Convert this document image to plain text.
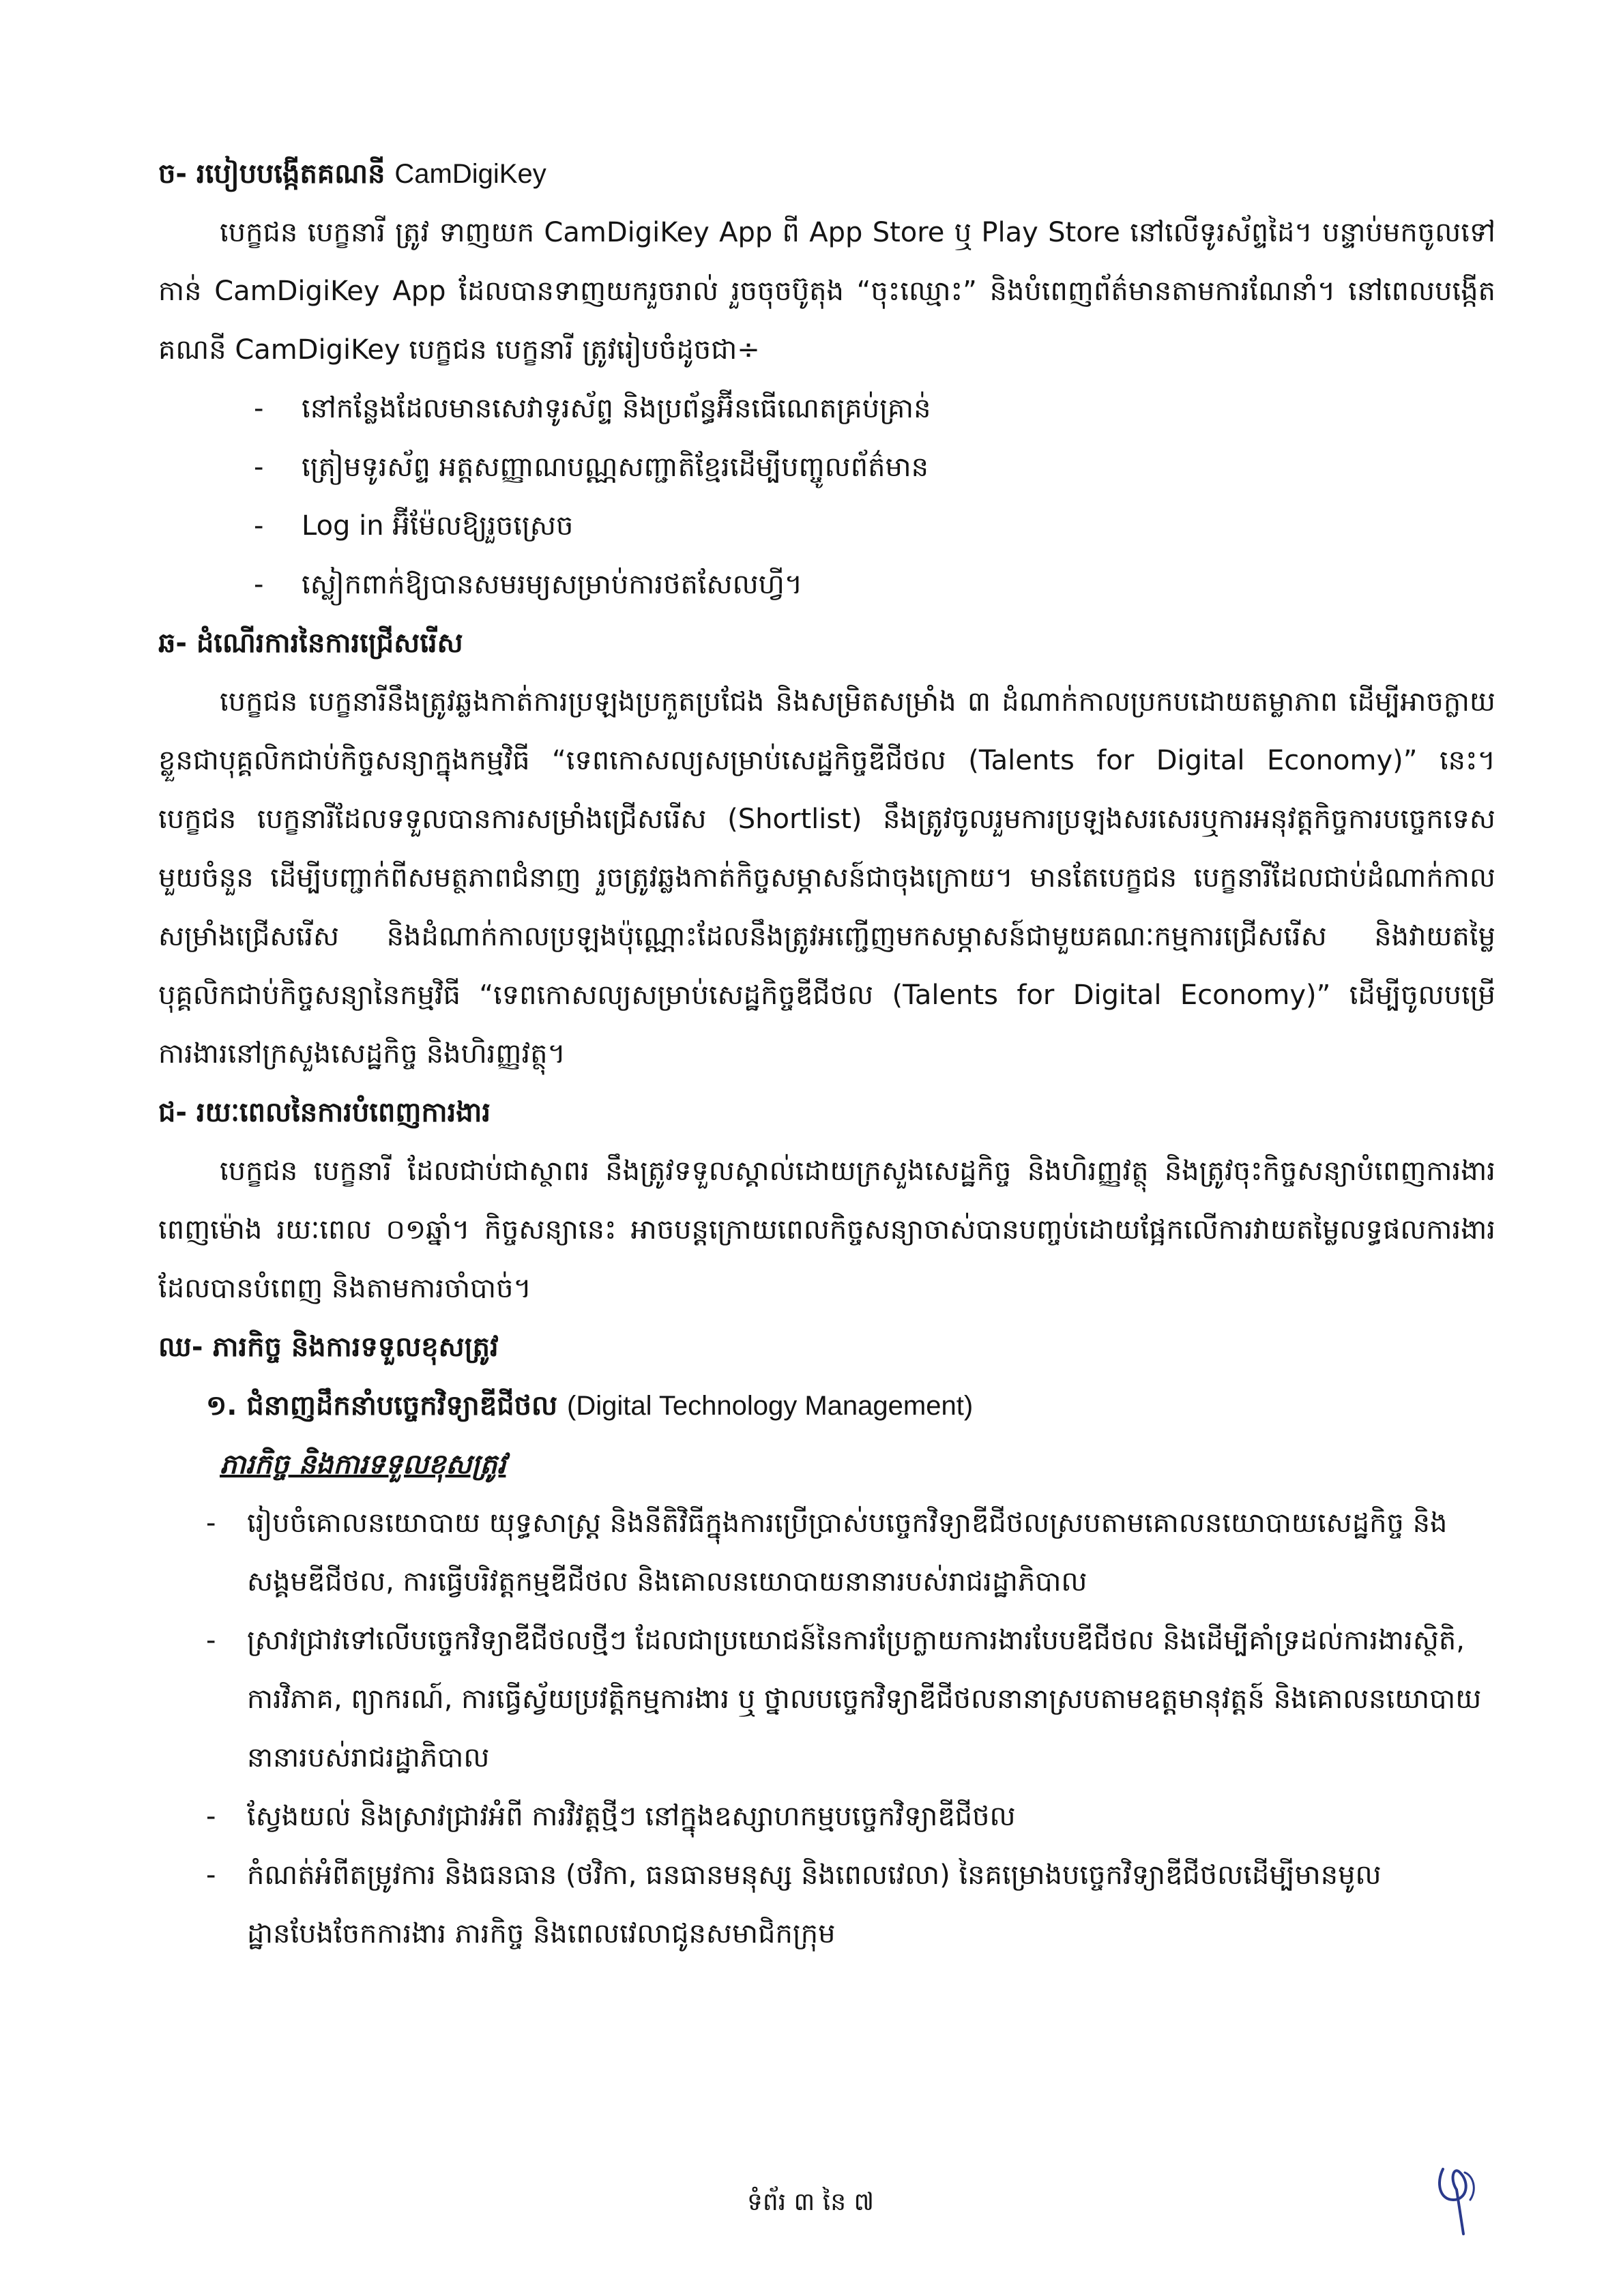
ច- របៀបបង្កើតគណនី CamDigiKey

បេក្ខជន បេក្ខនារី ត្រូវ ទាញយក CamDigiKey App ពី App Store ឬ Play Store នៅលើទូរស័ព្ទដៃ។ បន្ទាប់មកចូលទៅកាន់ CamDigiKey App ដែលបានទាញយករួចរាល់ រួចចុចប៊ូតុង “ចុះឈ្មោះ” និងបំពេញព័ត៌មានតាមការណែនាំ។ នៅពេលបង្កើតគណនី CamDigiKey បេក្ខជន បេក្ខនារី ត្រូវរៀបចំដូចជា÷

- នៅកន្លែងដែលមានសេវាទូរស័ព្ទ និងប្រព័ន្ធអ៊ីនធើណេតគ្រប់គ្រាន់
- ត្រៀមទូរស័ព្ទ អត្តសញ្ញាណបណ្ណសញ្ជាតិខ្មែរដើម្បីបញ្ចូលព័ត៌មាន
- Log in អ៊ីម៉ែលឱ្យរួចស្រេច
- ស្លៀកពាក់ឱ្យបានសមរម្យសម្រាប់ការថតសែលហ្វី។

ឆ- ដំណើរការនៃការជ្រើសរើស

បេក្ខជន បេក្ខនារីនឹងត្រូវឆ្លងកាត់ការប្រឡងប្រកួតប្រជែង និងសម្រិតសម្រាំង ៣ ដំណាក់កាលប្រកបដោយតម្លាភាព ដើម្បីអាចក្លាយខ្លួនជាបុគ្គលិកជាប់កិច្ចសន្យាក្នុងកម្មវិធី “ទេពកោសល្យសម្រាប់សេដ្ឋកិច្ចឌីជីថល (Talents for Digital Economy)” នេះ។ បេក្ខជន បេក្ខនារីដែលទទួលបានការសម្រាំងជ្រើសរើស (Shortlist) នឹងត្រូវចូលរួមការប្រឡងសរសេរឬការអនុវត្តកិច្ចការបច្ចេកទេសមួយចំនួន ដើម្បីបញ្ជាក់ពីសមត្ថភាពជំនាញ រួចត្រូវឆ្លងកាត់កិច្ចសម្ភាសន៍ជាចុងក្រោយ។ មានតែបេក្ខជន បេក្ខនារីដែលជាប់ដំណាក់កាលសម្រាំងជ្រើសរើស និងដំណាក់កាលប្រឡងប៉ុណ្ណោះដែលនឹងត្រូវអញ្ជើញមកសម្ភាសន៍ជាមួយគណៈកម្មការជ្រើសរើស និងវាយតម្លៃបុគ្គលិកជាប់កិច្ចសន្យានៃកម្មវិធី “ទេពកោសល្យសម្រាប់សេដ្ឋកិច្ចឌីជីថល (Talents for Digital Economy)” ដើម្បីចូលបម្រើការងារនៅក្រសួងសេដ្ឋកិច្ច និងហិរញ្ញវត្ថុ។

ជ- រយៈពេលនៃការបំពេញការងារ

បេក្ខជន បេក្ខនារី ដែលជាប់ជាស្ថាពរ នឹងត្រូវទទួលស្គាល់ដោយក្រសួងសេដ្ឋកិច្ច និងហិរញ្ញវត្ថុ និងត្រូវចុះកិច្ចសន្យាបំពេញការងារពេញម៉ោង រយៈពេល ០១ឆ្នាំ។ កិច្ចសន្យានេះ អាចបន្តក្រោយពេលកិច្ចសន្យាចាស់បានបញ្ចប់ដោយផ្អែកលើការវាយតម្លៃលទ្ធផលការងារដែលបានបំពេញ និងតាមការចាំបាច់។

ឈ- ភារកិច្ច និងការទទួលខុសត្រូវ

១. ជំនាញដឹកនាំបច្ចេកវិទ្យាឌីជីថល (Digital Technology Management)
ភារកិច្ច និងការទទួលខុសត្រូវ
- រៀបចំគោលនយោបាយ យុទ្ធសាស្ត្រ និងនីតិវិធីក្នុងការប្រើប្រាស់បច្ចេកវិទ្យាឌីជីថលស្របតាមគោលនយោបាយសេដ្ឋកិច្ច និងសង្គមឌីជីថល, ការធ្វើបរិវត្តកម្មឌីជីថល និងគោលនយោបាយនានារបស់រាជរដ្ឋាភិបាល
- ស្រាវជ្រាវទៅលើបច្ចេកវិទ្យាឌីជីថលថ្មីៗ ដែលជាប្រយោជន៍នៃការប្រែក្លាយការងារបែបឌីជីថល និងដើម្បីគាំទ្រដល់ការងារស្ថិតិ, ការវិភាគ, ព្យាករណ៍, ការធ្វើស្វ័យប្រវត្តិកម្មការងារ ឬ ថ្នាលបច្ចេកវិទ្យាឌីជីថលនានាស្របតាមឧត្តមានុវត្តន៍ និងគោលនយោបាយនានារបស់រាជរដ្ឋាភិបាល
- ស្វែងយល់ និងស្រាវជ្រាវអំពី ការវិវត្តថ្មីៗ នៅក្នុងឧស្សាហកម្មបច្ចេកវិទ្យាឌីជីថល
- កំណត់អំពីតម្រូវការ និងធនធាន (ថវិកា, ធនធានមនុស្ស និងពេលវេលា) នៃគម្រោងបច្ចេកវិទ្យាឌីជីថលដើម្បីមានមូលដ្ឋានបែងចែកការងារ ភារកិច្ច និងពេលវេលាជូនសមាជិកក្រុម
ទំព័រ ៣ នៃ ៧
